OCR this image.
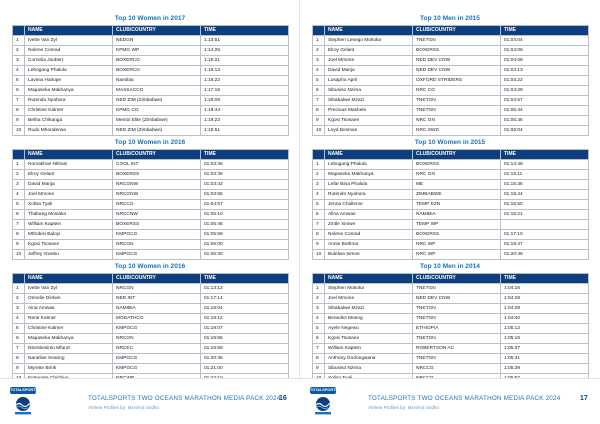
Top 10 Women in 2017
	NAME	CLUB/COUNTRY	TIME
1	Ivette Van Zyl	NEDGN	1:13:51
2	Nolene Conrad	KPMG WP	1:14:25
3	Cornelia Joubert	BOXERCG	1:15:21
4	Lebogang Phalula	BOXERCG	1:16:13
5	Lavinia Haitope	Namibia	1:16:22
6	Mapaseka Makhanya	MASSACCG	1:17:15
7	Rutendo Nyahora	NED ZIM (Zimbabwe)	1:18:09
8	Christine Kalmer	KPMG CG	1:18:44
9	Betha Chikanga	Mentol Elite (Zimbabwe)	1:19:23
10	Rudo Mhonderwa	NED ZIM (Zimbabwe)	1:19:51
Top 10 Women in 2016
	NAME	CLUB/COUNTRY	TIME
1	Nomakhoe Nkhasi	COOL INT	01:03:36
2	Elroy Gelant	BOXERSS	01:03:39
3	David Manja	NRCGNW	01:03:42
4	Joel Mmone	NRCGNW	01:03:55
5	Xolisa Tyali	NRCCG	01:04:57
6	Thabang Mosiako	NRCCNW	01:05:10
7	William Kaptein	BOXERSS	01:05:46
8	Mthobisi Baloyi	KMPGCG	01:05:59
9	Kgosi Tsosane	NRCGN	01:06:00
10	Jeffrey Gwebu	KMPGCG	01:06:30
Top 10 Women in 2016
	NAME	CLUB/COUNTRY	TIME
1	Ivette Van Zyl	NRCGN	01:13:13
2	Onnelie Dintwe	NED INT	01:17:14
3	Aina Amwas	NAMIBIA	01:18:04
4	Rene Kalmer	MODATHCG	01:18:12
5	Christine Kalmer	KMPGCG	01:19:07
6	Mapaseka Makhanya	NRCGN	01:19:56
7	Ntombesintu Mfunzi	NRCEC	01:19:59
8	Nanelise Searing	KMPGCG	01:20:36
9	Myrette Brink	KMPGCG	01:21:00

Top 10 Men in 2015
	NAME	CLUB/COUNTRY	TIME
1	Stephen Lesego Mokoka	TNETGN	01:04:04
2	Elroy Gelant	BOXERSS	01:04:06
3	Joel Mmone	NED DEV CNW	01:04:08
4	David Manja	NED DEV CNW	01:04:13
5	Lusapho April	OXFORD STRIDERS	01:04:22
6	Sibusiso Nzima	NRC CG	01:04:29
7	Sibabalwe Mzazi	TNETGN	01:04:57
8	Precious Mashele	TNETGN	01:05:44
9	Kgosi Tsosane	NRC GN	01:05:45
10	Loyd Bosman	NRC SWD	01:06:04
Top 10 Women in 2015
	NAME	CLUB/COUNTRY	TIME
1	Lebogang Phalula	BOXERSS	01:14:48
2	Mapaseka Makhanya	NRC GN	01:15:11
3	Lefar Bina Phalula	ME	01:15:35
4	Rutendo Nyahora	ZIMBABWE	01:15:44
5	Jenna Challenor	TEMP KZN	01:15:50
6	Alina Amwas	NAMIBIA	01:16:21
7	Zintle Xiniwe	TEMP WP	
8	Nolene Conrad	BOXERSS	01:17:10
9	Annie Bothma	NRC WP	01:18:47
10	Bulelwa Simoe	NRC WP	01:20:46
Top 10 Men in 2014
	NAME	CLUB/COUNTRY	TIME
1	Stephen Mokoka	TNETGN	1:04:16
2	Joel Mmone	NED DEV CNW	1:04:29
3	Sibabalwe Mzazi	TNETGN	1:04:29
4	Benedict Moeng	TNETGN	1:04:40
5	Ayele Negewo	ETHIOPIA	1:05:12
6	Kgosi Tsosane	TNETGN	1:05:16
7	William Kaptein	ROBERTSON AC	1:05:27
8	Anthony Godongwana	TNETGN	1:05:31
9	Sibusiso Nzima	NRCCG	1:05:39

TOTALSPORTS
TOTALSPORTS TWO OCEANS MARATHON MEDIA PACK 2024
Athlete Profiles by: Manfred Sirdhu
16
TOTALSPORTS
TOTALSPORTS TWO OCEANS MARATHON MEDIA PACK 2024
Athlete Profiles by: Manfred Sirdhu
17
